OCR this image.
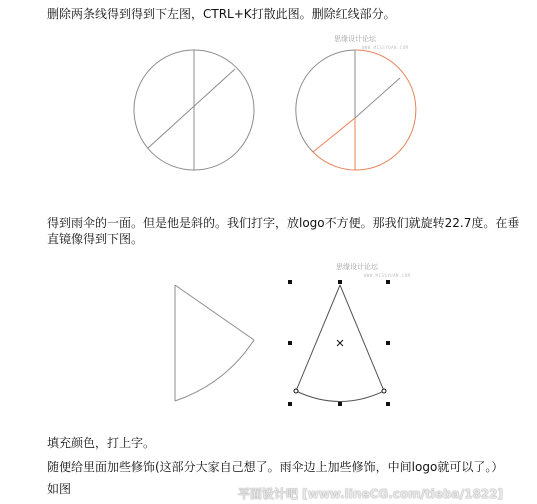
删除两条线得到得到下左图，CTRL+K打散此图。删除红线部分。
思缘设计论坛
WWW.MISSYUAN.COM
得到雨伞的一面。但是他是斜的。我们打字，放logo不方便。那我们就旋转22.7度。在垂
直镜像得到下图。
思缘设计论坛
WWW.MISSYUAN.COM
填充颜色，打上字。
随便给里面加些修饰(这部分大家自己想了。雨伞边上加些修饰，中间logo就可以了。）
如图	平面设计吧 [www.lineCG.com/tieba/1822]
